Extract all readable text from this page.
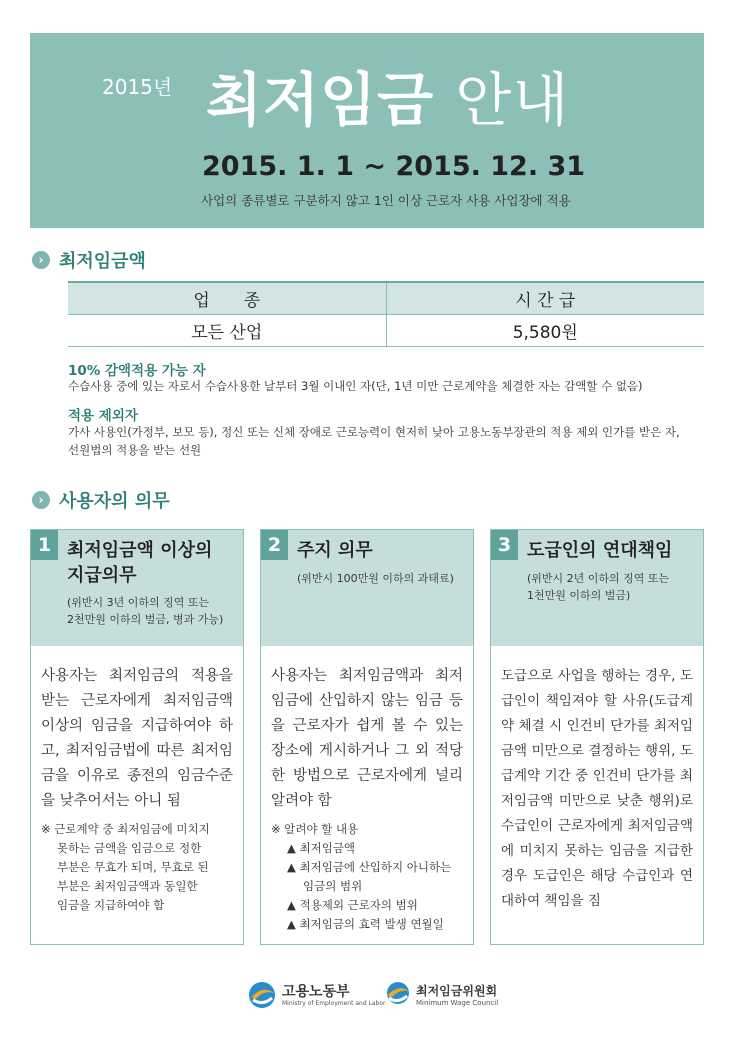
2015년 최저임금 안내
2015. 1. 1 ~ 2015. 12. 31
사업의 종류별로 구분하지 않고 1인 이상 근로자 사용 사업장에 적용
› 최저임금액
업　　종	시 간 급
모든 산업	5,580원
10% 감액적용 가능 자
수습사용 중에 있는 자로서 수습사용한 날부터 3월 이내인 자(단, 1년 미만 근로계약을 체결한 자는 감액할 수 없음)
적용 제외자
가사 사용인(가정부, 보모 등), 정신 또는 신체 장애로 근로능력이 현저히 낮아 고용노동부장관의 적용 제외 인가를 받은 자,
선원법의 적용을 받는 선원
› 사용자의 의무
1 최저임금액 이상의
지급의무
(위반시 3년 이하의 징역 또는
2천만원 이하의 벌금, 병과 가능)
사용자는 최저임금의 적용을 받는 근로자에게 최저임금액 이상의 임금을 지급하여야 하고, 최저임금법에 따른 최저임금을 이유로 종전의 임금수준을 낮추어서는 아니 됨
※ 근로계약 중 최저임금에 미치지
못하는 금액을 임금으로 정한
부분은 무효가 되며, 무효로 된
부분은 최저임금액과 동일한
임금을 지급하여야 함
2 주지 의무
(위반시 100만원 이하의 과태료)
사용자는 최저임금액과 최저 임금에 산입하지 않는 임금 등을 근로자가 쉽게 볼 수 있는 장소에 게시하거나 그 외 적당한 방법으로 근로자에게 널리 알려야 함
※ 알려야 할 내용
▲ 최저임금액
▲ 최저임금에 산입하지 아니하는
임금의 범위
▲ 적용제외 근로자의 범위
▲ 최저임금의 효력 발생 연월일
3 도급인의 연대책임
(위반시 2년 이하의 징역 또는
1천만원 이하의 벌금)
도급으로 사업을 행하는 경우, 도급인이 책임져야 할 사유(도급계약 체결 시 인건비 단가를 최저임금액 미만으로 결정하는 행위, 도급계약 기간 중 인건비 단가를 최저임금액 미만으로 낮춘 행위)로 수급인이 근로자에게 최저임금액에 미치지 못하는 임금을 지급한 경우 도급인은 해당 수급인과 연대하여 책임을 짐
고용노동부
Ministry of Employment and Labor
최저임금위원회
Minimum Wage Council
